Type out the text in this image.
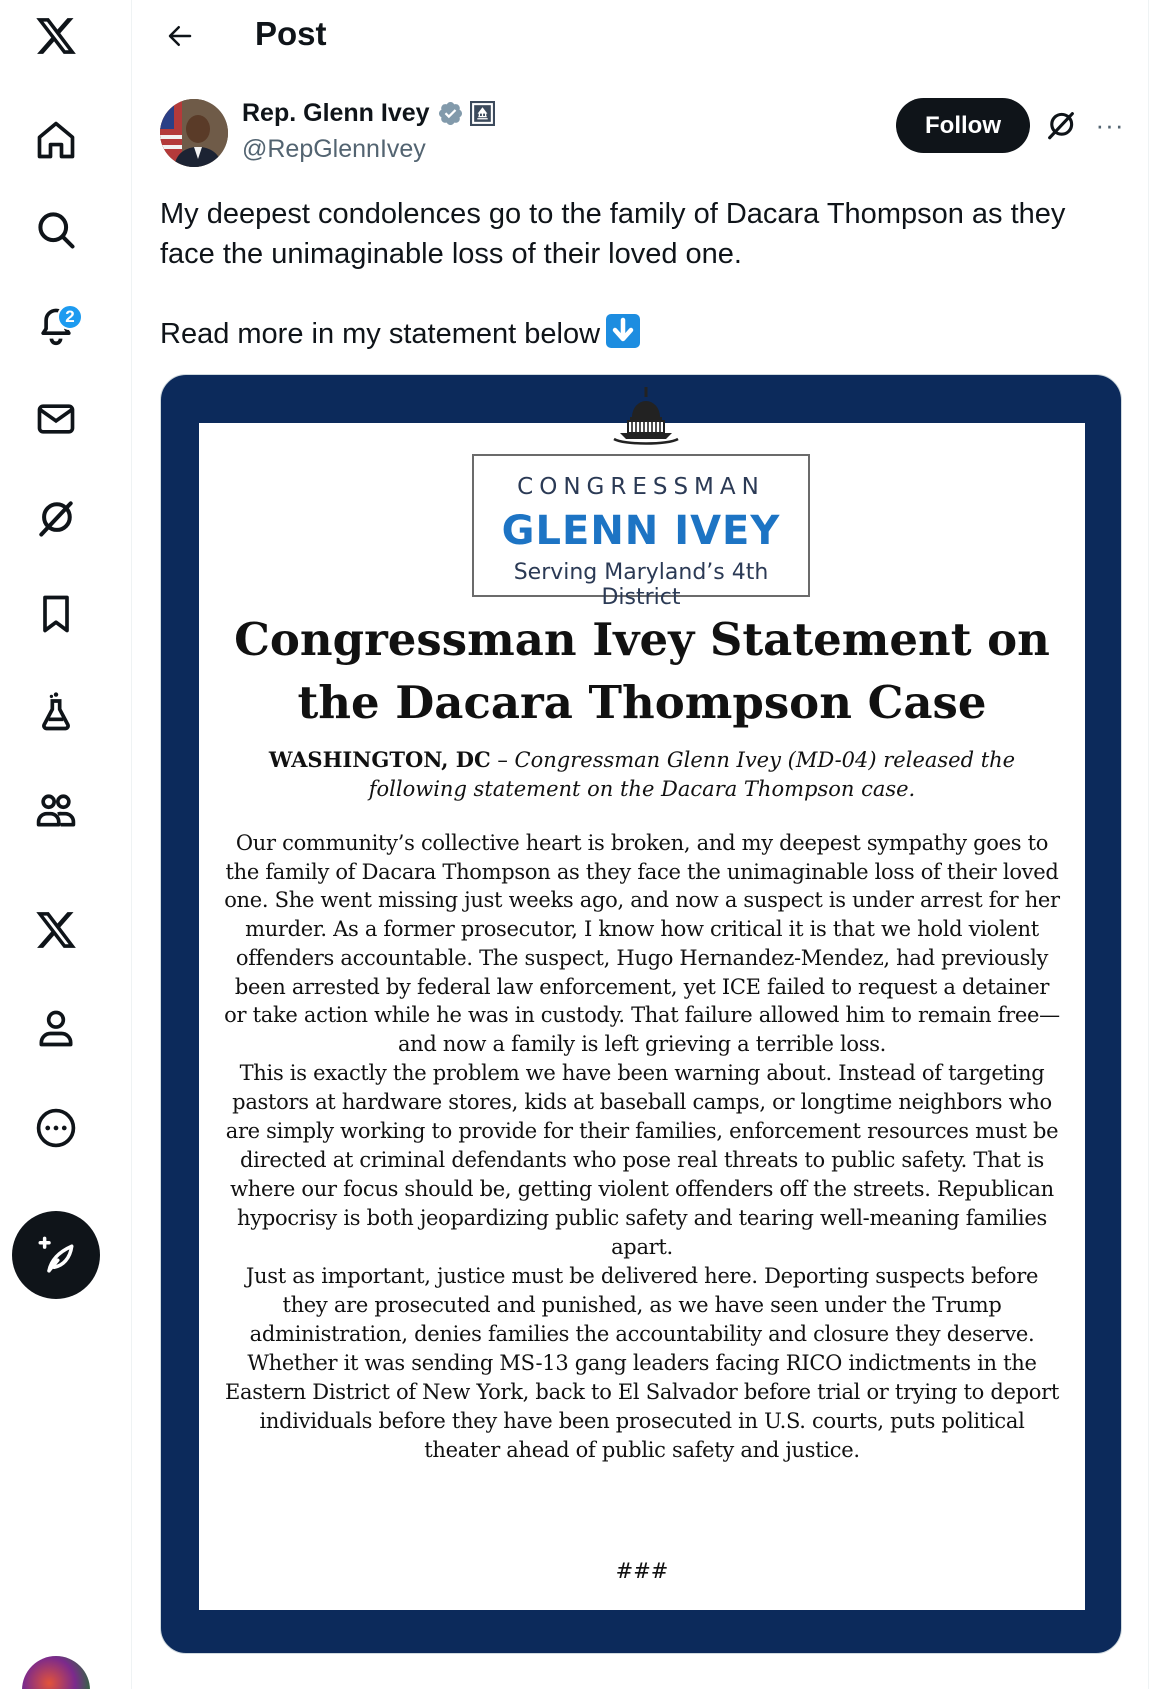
2
Post
Rep. Glenn Ivey
@RepGlennIvey
Follow	···

My deepest condolences go to the family of Dacara Thompson as they face the unimaginable loss of their loved one.

Read more in my statement below

CONGRESSMAN
GLENN IVEY
Serving Maryland’s 4th District
Congressman Ivey Statement on the Dacara Thompson Case
WASHINGTON, DC – Congressman Glenn Ivey (MD-04) released the following statement on the Dacara Thompson case.

Our community’s collective heart is broken, and my deepest sympathy goes to the family of Dacara Thompson as they face the unimaginable loss of their loved one. She went missing just weeks ago, and now a suspect is under arrest for her murder. As a former prosecutor, I know how critical it is that we hold violent offenders accountable. The suspect, Hugo Hernandez-Mendez, had previously been arrested by federal law enforcement, yet ICE failed to request a detainer or take action while he was in custody. That failure allowed him to remain free—and now a family is left grieving a terrible loss.

This is exactly the problem we have been warning about. Instead of targeting pastors at hardware stores, kids at baseball camps, or longtime neighbors who are simply working to provide for their families, enforcement resources must be directed at criminal defendants who pose real threats to public safety. That is where our focus should be, getting violent offenders off the streets. Republican hypocrisy is both jeopardizing public safety and tearing well-meaning families apart.

Just as important, justice must be delivered here. Deporting suspects before they are prosecuted and punished, as we have seen under the Trump administration, denies families the accountability and closure they deserve. Whether it was sending MS-13 gang leaders facing RICO indictments in the Eastern District of New York, back to El Salvador before trial or trying to deport individuals before they have been prosecuted in U.S. courts, puts political theater ahead of public safety and justice.

###
